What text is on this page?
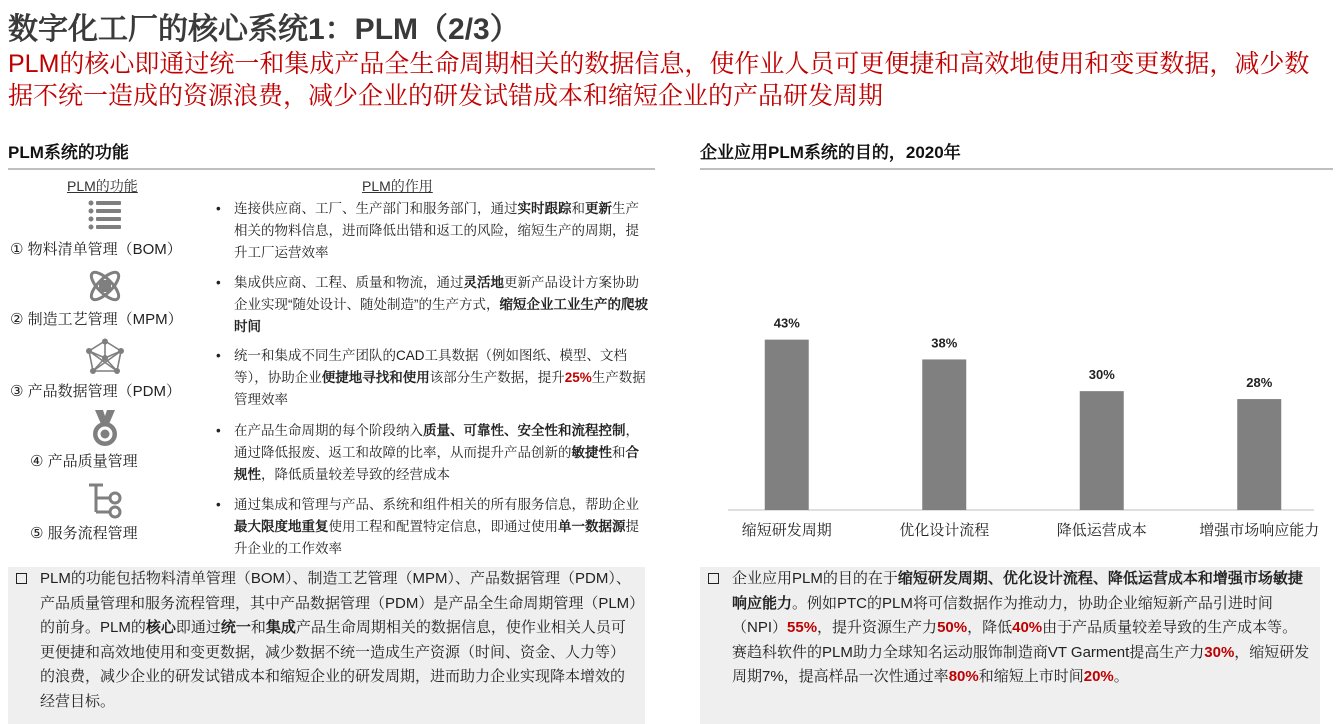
数字化工厂的核心系统1：PLM（2/3）
PLM的核心即通过统一和集成产品全生命周期相关的数据信息，使作业人员可更便捷和高效地使用和变更数据，减少数据不统一造成的资源浪费，减少企业的研发试错成本和缩短企业的产品研发周期
PLM系统的功能
PLM的功能	PLM的作用
① 物料清单管理（BOM）
② 制造工艺管理（MPM）
③ 产品数据管理（PDM）
④ 产品质量管理
⑤ 服务流程管理
• 连接供应商、工厂、生产部门和服务部门，通过实时跟踪和更新生产相关的物料信息，进而降低出错和返工的风险，缩短生产的周期，提升工厂运营效率
• 集成供应商、工程、质量和物流，通过灵活地更新产品设计方案协助企业实现“随处设计、随处制造”的生产方式，缩短企业工业生产的爬坡时间
• 统一和集成不同生产团队的CAD工具数据（例如图纸、模型、文档等），协助企业便捷地寻找和使用该部分生产数据，提升25%生产数据管理效率
• 在产品生命周期的每个阶段纳入质量、可靠性、安全性和流程控制，通过降低报废、返工和故障的比率，从而提升产品创新的敏捷性和合规性，降低质量较差导致的经营成本
• 通过集成和管理与产品、系统和组件相关的所有服务信息，帮助企业最大限度地重复使用工程和配置特定信息，即通过使用单一数据源提升企业的工作效率
PLM的功能包括物料清单管理（BOM）、制造工艺管理（MPM）、产品数据管理（PDM）、产品质量管理和服务流程管理，其中产品数据管理（PDM）是产品全生命周期管理（PLM）的前身。PLM的核心即通过统一和集成产品生命周期相关的数据信息，使作业相关人员可更便捷和高效地使用和变更数据，减少数据不统一造成生产资源（时间、资金、人力等）的浪费，减少企业的研发试错成本和缩短企业的研发周期，进而助力企业实现降本增效的经营目标。
企业应用PLM系统的目的，2020年
43%
缩短研发周期
38%
优化设计流程
30%
降低运营成本
28%
增强市场响应能力
企业应用PLM的目的在于缩短研发周期、优化设计流程、降低运营成本和增强市场敏捷响应能力。例如PTC的PLM将可信数据作为推动力，协助企业缩短新产品引进时间（NPI）55%，提升资源生产力50%，降低40%由于产品质量较差导致的生产成本等。赛趋科软件的PLM助力全球知名运动服饰制造商VT Garment提高生产力30%，缩短研发周期7%，提高样品一次性通过率80%和缩短上市时间20%。
